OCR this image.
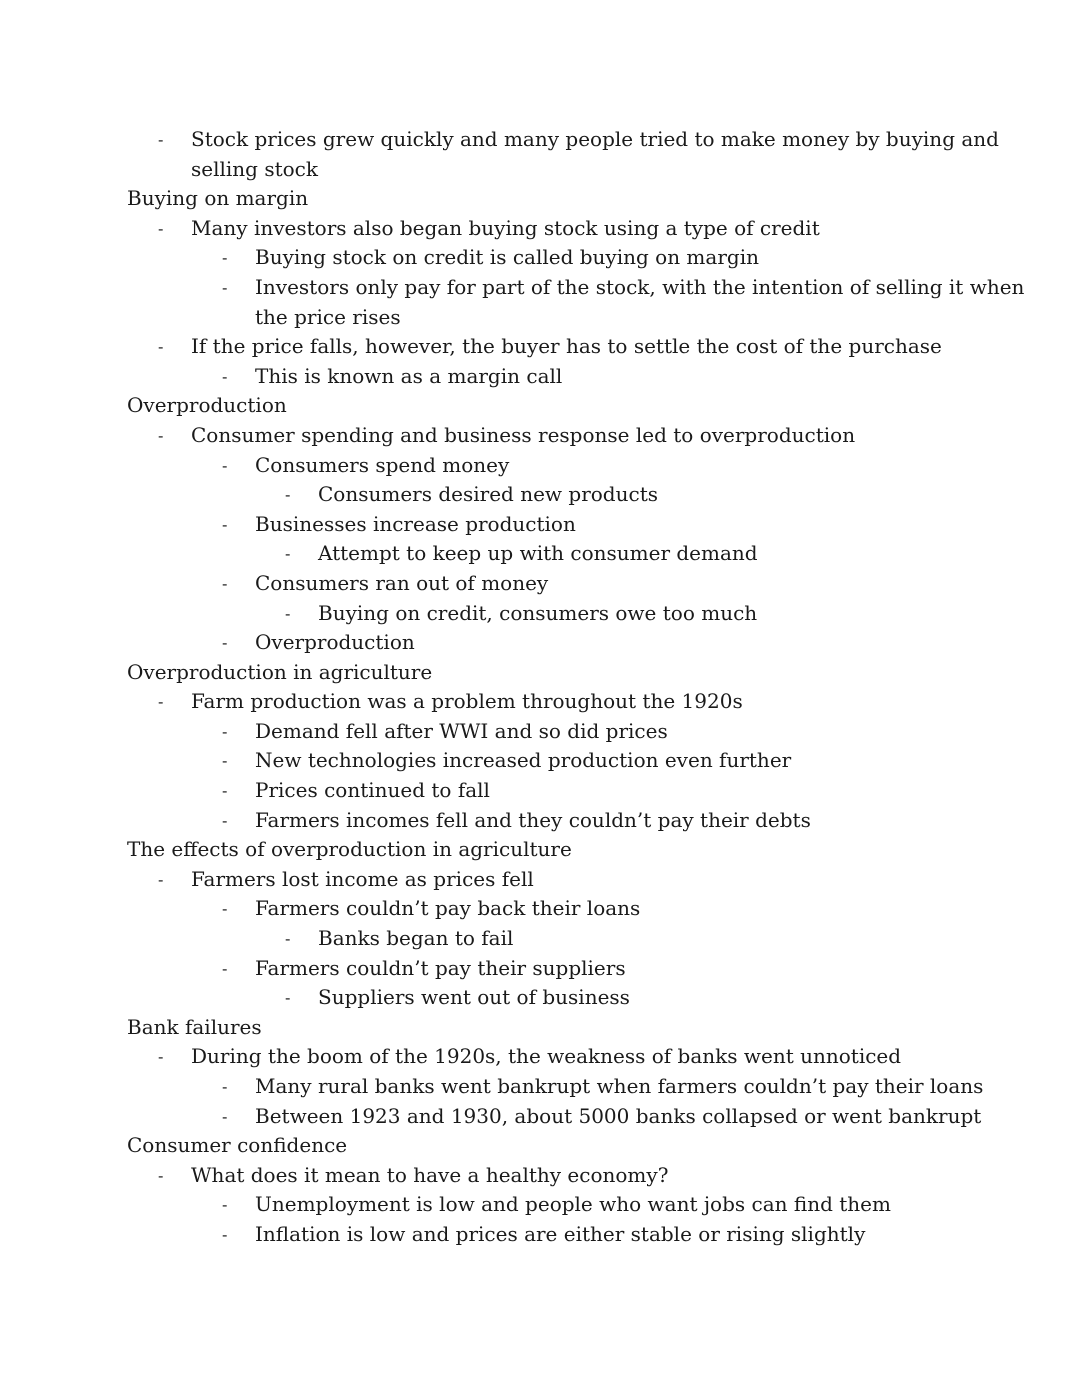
- Stock prices grew quickly and many people tried to make money by buying and
selling stock
Buying on margin
- Many investors also began buying stock using a type of credit
- Buying stock on credit is called buying on margin
- Investors only pay for part of the stock, with the intention of selling it when
the price rises
- If the price falls, however, the buyer has to settle the cost of the purchase
- This is known as a margin call
Overproduction
- Consumer spending and business response led to overproduction
- Consumers spend money
- Consumers desired new products
- Businesses increase production
- Attempt to keep up with consumer demand
- Consumers ran out of money
- Buying on credit, consumers owe too much
- Overproduction
Overproduction in agriculture
- Farm production was a problem throughout the 1920s
- Demand fell after WWI and so did prices
- New technologies increased production even further
- Prices continued to fall
- Farmers incomes fell and they couldn’t pay their debts
The effects of overproduction in agriculture
- Farmers lost income as prices fell
- Farmers couldn’t pay back their loans
- Banks began to fail
- Farmers couldn’t pay their suppliers
- Suppliers went out of business
Bank failures
- During the boom of the 1920s, the weakness of banks went unnoticed
- Many rural banks went bankrupt when farmers couldn’t pay their loans
- Between 1923 and 1930, about 5000 banks collapsed or went bankrupt
Consumer confidence
- What does it mean to have a healthy economy?
- Unemployment is low and people who want jobs can find them
- Inflation is low and prices are either stable or rising slightly
